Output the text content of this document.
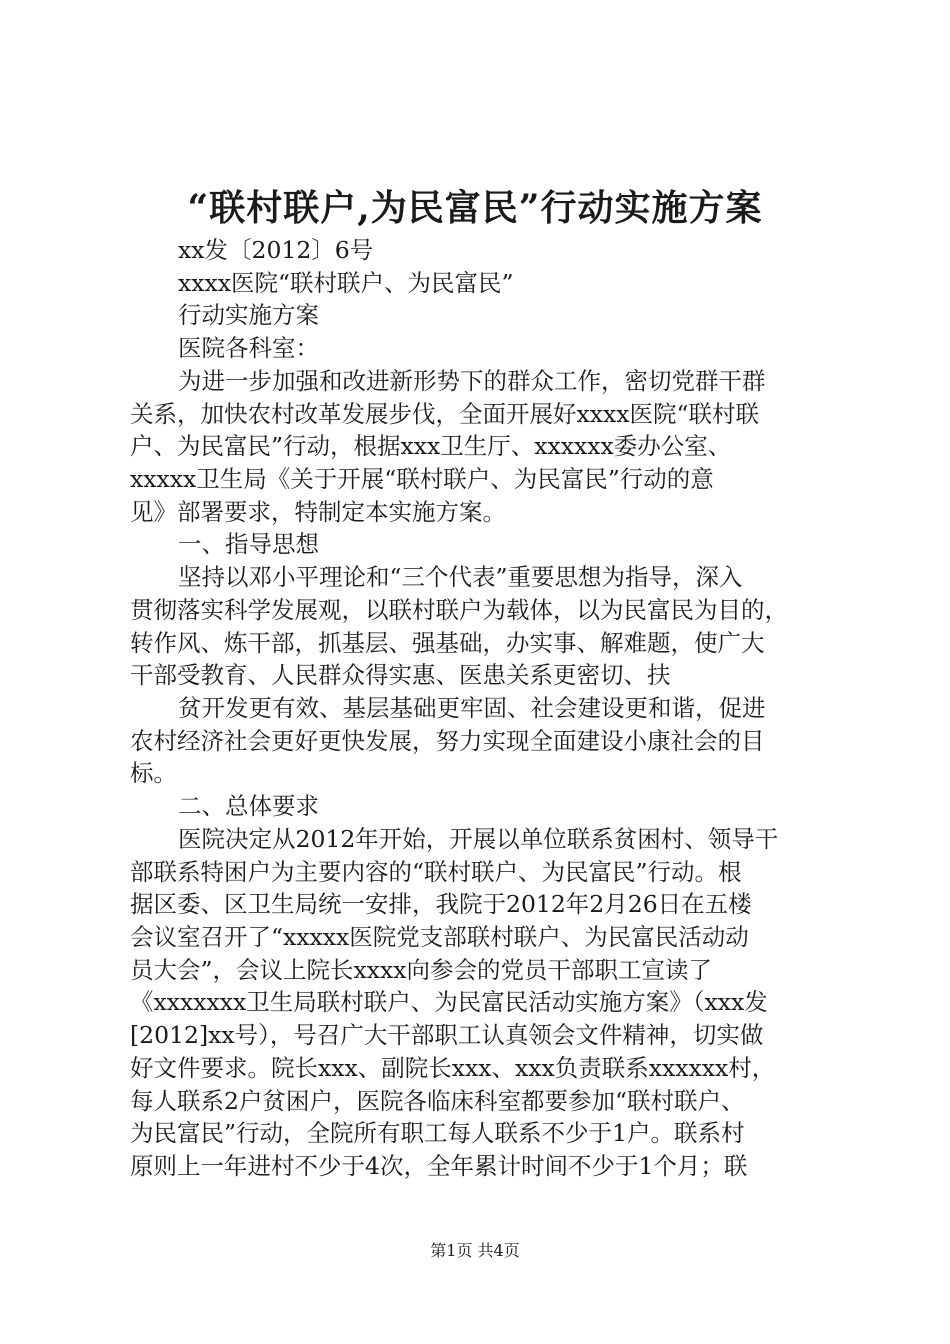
“联村联户,为民富民”行动实施方案
xx发〔2012〕6号
xxxx医院“联村联户、为民富民”
行动实施方案
医院各科室：
为进一步加强和改进新形势下的群众工作，密切党群干群
关系，加快农村改革发展步伐，全面开展好xxxx医院“联村联
户、为民富民”行动，根据xxx卫生厅、xxxxxx委办公室、
xxxxx卫生局《关于开展“联村联户、为民富民”行动的意
见》部署要求，特制定本实施方案。
一、指导思想
坚持以邓小平理论和“三个代表”重要思想为指导，深入
贯彻落实科学发展观，以联村联户为载体，以为民富民为目的，
转作风、炼干部，抓基层、强基础，办实事、解难题，使广大
干部受教育、人民群众得实惠、医患关系更密切、扶
贫开发更有效、基层基础更牢固、社会建设更和谐，促进
农村经济社会更好更快发展，努力实现全面建设小康社会的目
标。
二、总体要求
医院决定从2012年开始，开展以单位联系贫困村、领导干
部联系特困户为主要内容的“联村联户、为民富民”行动。根
据区委、区卫生局统一安排，我院于2012年2月26日在五楼
会议室召开了“xxxxx医院党支部联村联户、为民富民活动动
员大会”，会议上院长xxxx向参会的党员干部职工宣读了
《xxxxxxx卫生局联村联户、为民富民活动实施方案》（xxx发
[2012]xx号），号召广大干部职工认真领会文件精神，切实做
好文件要求。院长xxx、副院长xxx、xxx负责联系xxxxxx村，
每人联系2户贫困户，医院各临床科室都要参加“联村联户、
为民富民”行动，全院所有职工每人联系不少于1户。联系村
原则上一年进村不少于4次，全年累计时间不少于1个月；联
第1页 共4页
